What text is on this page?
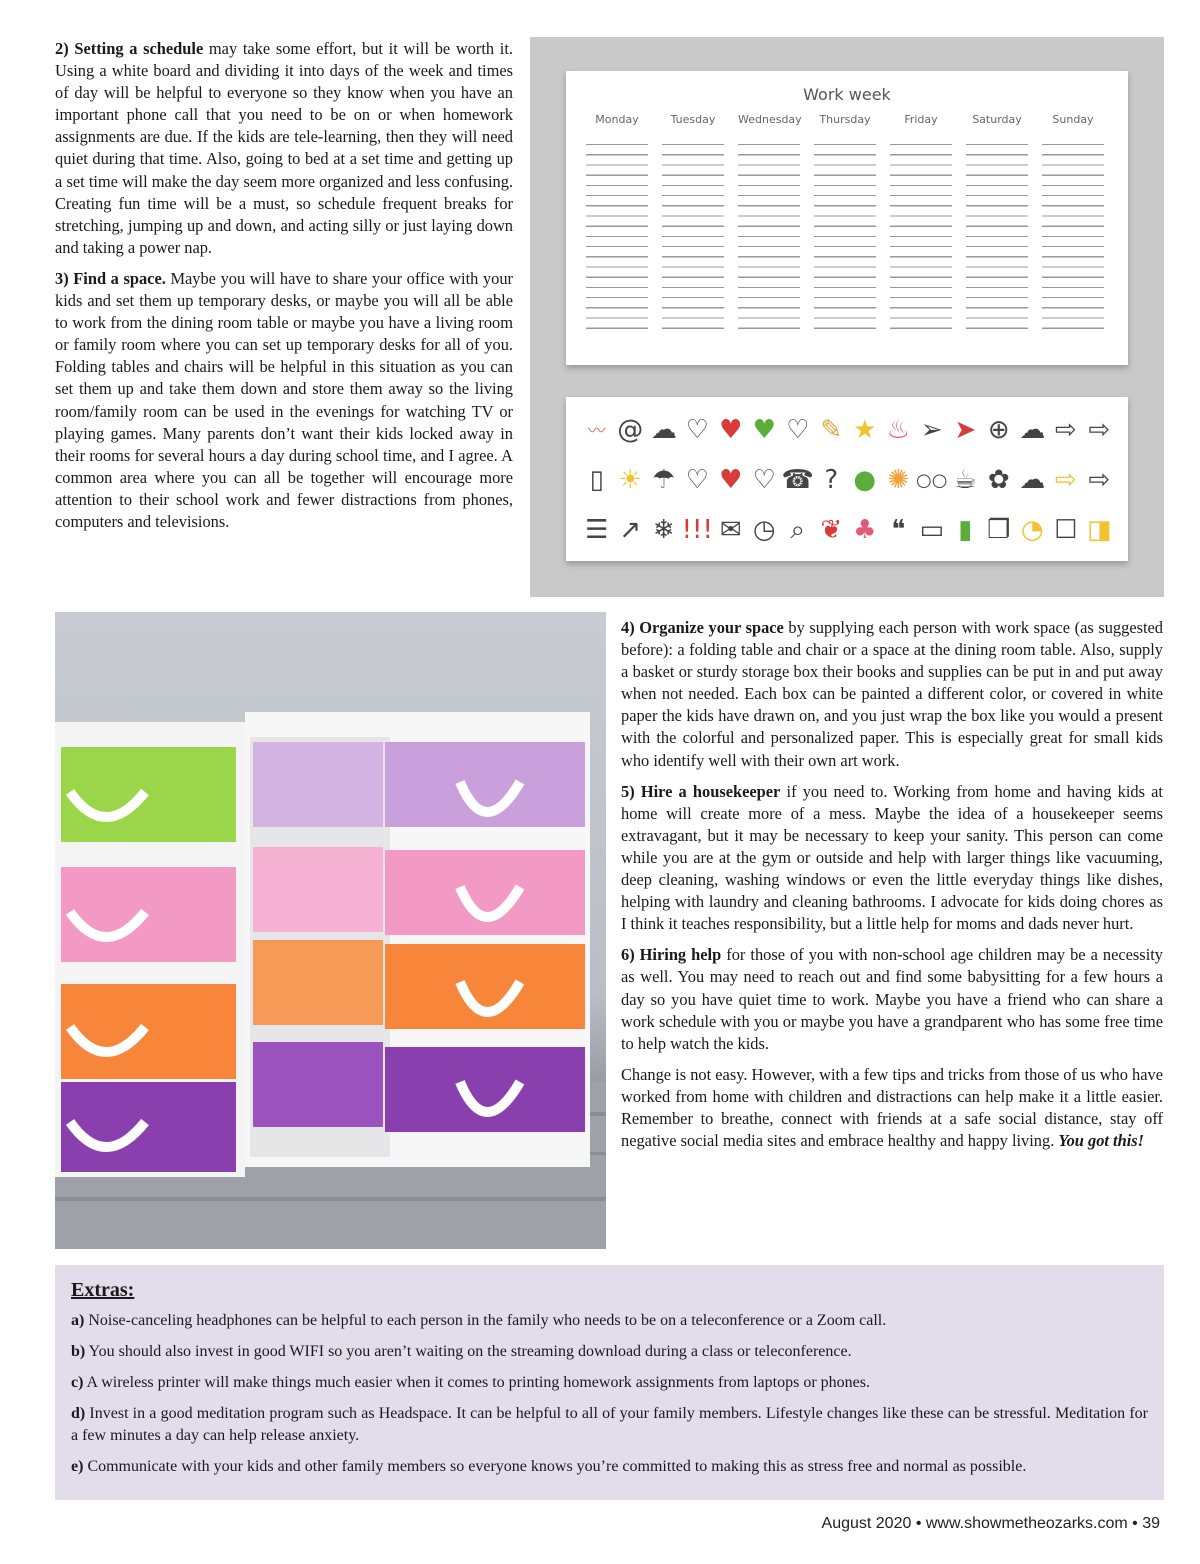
2) Setting a schedule may take some effort, but it will be worth it. Using a white board and dividing it into days of the week and times of day will be helpful to everyone so they know when you have an important phone call that you need to be on or when homework assignments are due. If the kids are tele-learning, then they will need quiet during that time. Also, going to bed at a set time and getting up a set time will make the day seem more organized and less confusing. Creating fun time will be a must, so schedule frequent breaks for stretching, jumping up and down, and acting silly or just laying down and taking a power nap.

3) Find a space. Maybe you will have to share your office with your kids and set them up temporary desks, or maybe you will all be able to work from the dining room table or maybe you have a living room or family room where you can set up temporary desks for all of you. Folding tables and chairs will be helpful in this situation as you can set them up and take them down and store them away so the living room/family room can be used in the evenings for watching TV or playing games. Many parents don’t want their kids locked away in their rooms for several hours a day during school time, and I agree. A common area where you can all be together will encourage more attention to their school work and fewer distractions from phones, computers and televisions.

Work week
Monday	Tuesday	Wednesday	Thursday	Friday	Saturday	Sunday
〰 @ ☁ ♡ ♥ ♥ ♡ ✎ ★ ♨ ➢ ➤ ⊕ ☁ ⇨ ⇨
▯ ☀ ☂ ♡ ♥ ♡ ☎ ? ● ✺ ○○ ☕ ✿ ☁ ⇨ ⇨
☰ ↗ ❄ !!! ✉ ◷ ⌕ ❦ ♣ ❝ ▭ ▮ ❐ ◔ ☐ ◨

4) Organize your space by supplying each person with work space (as suggested before): a folding table and chair or a space at the dining room table. Also, supply a basket or sturdy storage box their books and supplies can be put in and put away when not needed. Each box can be painted a different color, or covered in white paper the kids have drawn on, and you just wrap the box like you would a present with the colorful and personalized paper. This is especially great for small kids who identify well with their own art work.

5) Hire a housekeeper if you need to. Working from home and having kids at home will create more of a mess. Maybe the idea of a housekeeper seems extravagant, but it may be necessary to keep your sanity. This person can come while you are at the gym or outside and help with larger things like vacuuming, deep cleaning, washing windows or even the little everyday things like dishes, helping with laundry and cleaning bathrooms. I advocate for kids doing chores as I think it teaches responsibility, but a little help for moms and dads never hurt.

6) Hiring help for those of you with non-school age children may be a necessity as well. You may need to reach out and find some babysitting for a few hours a day so you have quiet time to work. Maybe you have a friend who can share a work schedule with you or maybe you have a grandparent who has some free time to help watch the kids.

Change is not easy. However, with a few tips and tricks from those of us who have worked from home with children and distractions can help make it a little easier. Remember to breathe, connect with friends at a safe social distance, stay off negative social media sites and embrace healthy and happy living. You got this!

Extras:

a) Noise-canceling headphones can be helpful to each person in the family who needs to be on a teleconference or a Zoom call.

b) You should also invest in good WIFI so you aren’t waiting on the streaming download during a class or teleconference.

c) A wireless printer will make things much easier when it comes to printing homework assignments from laptops or phones.

d) Invest in a good meditation program such as Headspace. It can be helpful to all of your family members. Lifestyle changes like these can be stressful. Meditation for a few minutes a day can help release anxiety.

e) Communicate with your kids and other family members so everyone knows you’re committed to making this as stress free and normal as possible.

August 2020 • www.showmetheozarks.com • 39
